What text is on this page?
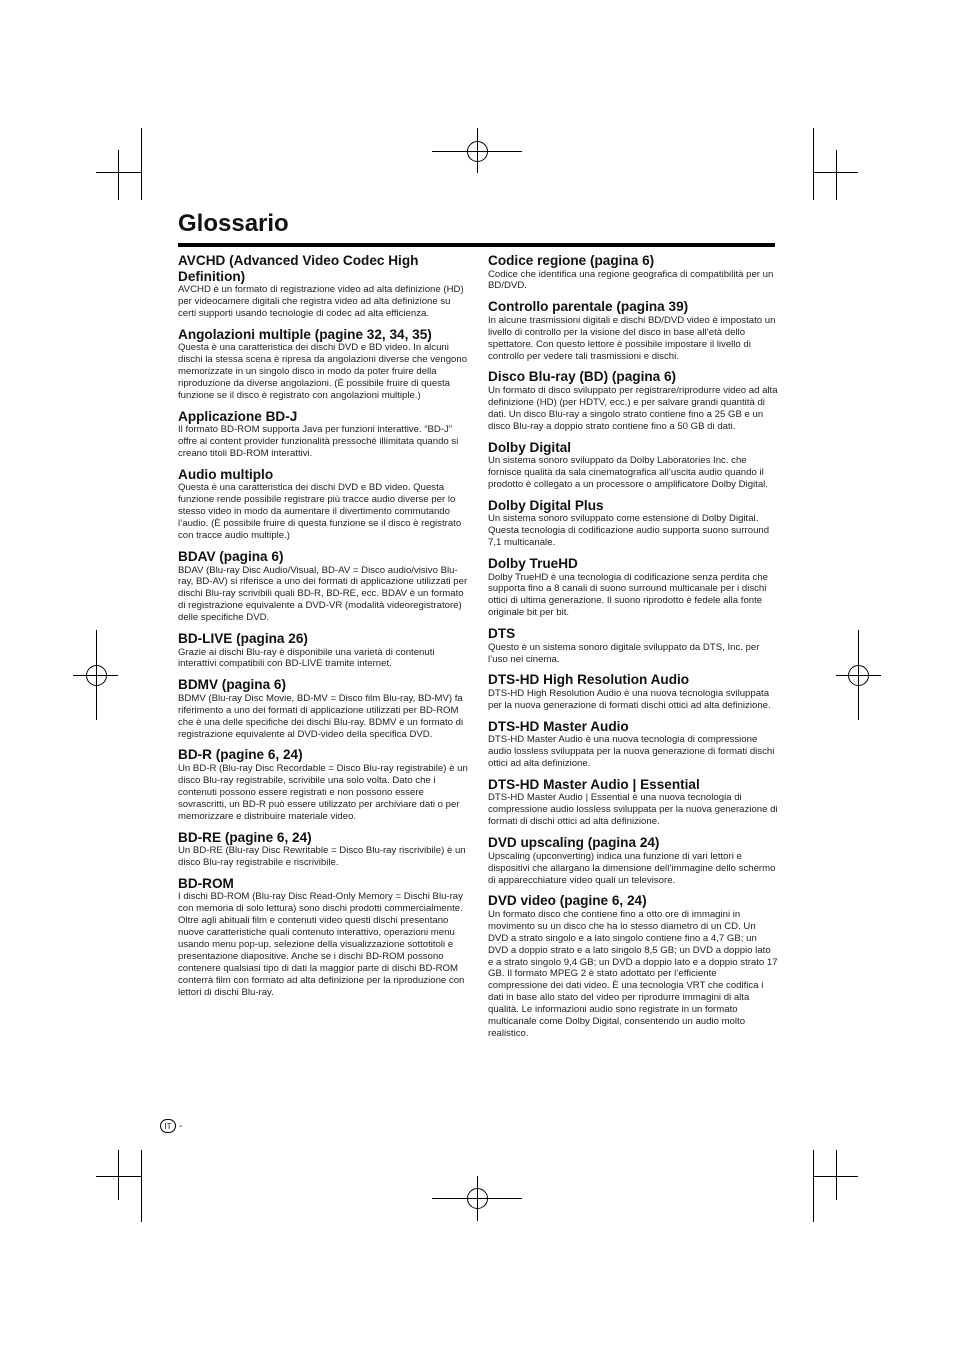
Glossario
AVCHD (Advanced Video Codec High Definition)

AVCHD è un formato di registrazione video ad alta definizione (HD) per videocamere digitali che registra video ad alta definizione su certi supporti usando tecnologie di codec ad alta efficienza.

Angolazioni multiple (pagine 32, 34, 35)

Questa è una caratteristica dei dischi DVD e BD video. In alcuni dischi la stessa scena è ripresa da angolazioni diverse che vengono memorizzate in un singolo disco in modo da poter fruire della riproduzione da diverse angolazioni. (È possibile fruire di questa funzione se il disco è registrato con angolazioni multiple.)

Applicazione BD-J

Il formato BD-ROM supporta Java per funzioni interattive. “BD-J” offre ai content provider funzionalità pressoché illimitata quando si creano titoli BD-ROM interattivi.

Audio multiplo

Questa è una caratteristica dei dischi DVD e BD video. Questa funzione rende possibile registrare più tracce audio diverse per lo stesso video in modo da aumentare il divertimento commutando l’audio. (È possibile fruire di questa funzione se il disco è registrato con tracce audio multiple.)

BDAV (pagina 6)

BDAV (Blu-ray Disc Audio/Visual, BD-AV = Disco audio/visivo Blu-ray, BD-AV) si riferisce a uno dei formati di applicazione utilizzati per dischi Blu-ray scrivibili quali BD-R, BD-RE, ecc. BDAV è un formato di registrazione equivalente a DVD-VR (modalità videoregistratore) delle specifiche DVD.

BD-LIVE (pagina 26)

Grazie ai dischi Blu-ray è disponibile una varietà di contenuti interattivi compatibili con BD-LIVE tramite internet.

BDMV (pagina 6)

BDMV (Blu-ray Disc Movie, BD-MV = Disco film Blu-ray, BD-MV) fa riferimento a uno dei formati di applicazione utilizzati per BD-ROM che è una delle specifiche dei dischi Blu-ray. BDMV è un formato di registrazione equivalente al DVD-video della specifica DVD.

BD-R (pagine 6, 24)

Un BD-R (Blu-ray Disc Recordable = Disco Blu-ray registrabile) è un disco Blu-ray registrabile, scrivibile una solo volta. Dato che i contenuti possono essere registrati e non possono essere sovrascritti, un BD-R può essere utilizzato per archiviare dati o per memorizzare e distribuire materiale video.

BD-RE (pagine 6, 24)

Un BD-RE (Blu-ray Disc Rewritable = Disco Blu-ray riscrivibile) è un disco Blu-ray registrabile e riscrivibile.

BD-ROM

I dischi BD-ROM (Blu-ray Disc Read-Only Memory = Dischi Blu-ray con memoria di solo lettura) sono dischi prodotti commercialmente. Oltre agli abituali film e contenuti video questi dischi presentano nuove caratteristiche quali contenuto interattivo, operazioni menu usando menu pop-up, selezione della visualizzazione sottotitoli e presentazione diapositive. Anche se i dischi BD-ROM possono contenere qualsiasi tipo di dati la maggior parte di dischi BD-ROM conterrà film con formato ad alta definizione per la riproduzione con lettori di dischi Blu-ray.

Codice regione (pagina 6)

Codice che identifica una regione geografica di compatibilità per un BD/DVD.

Controllo parentale (pagina 39)

In alcune trasmissioni digitali e dischi BD/DVD video è impostato un livello di controllo per la visione del disco in base all’età dello spettatore. Con questo lettore è possibile impostare il livello di controllo per vedere tali trasmissioni e dischi.

Disco Blu-ray (BD) (pagina 6)

Un formato di disco sviluppato per registrare/riprodurre video ad alta definizione (HD) (per HDTV, ecc.) e per salvare grandi quantità di dati. Un disco Blu-ray a singolo strato contiene fino a 25 GB e un disco Blu-ray a doppio strato contiene fino a 50 GB di dati.

Dolby Digital

Un sistema sonoro sviluppato da Dolby Laboratories Inc. che fornisce qualità da sala cinematografica all’uscita audio quando il prodotto è collegato a un processore o amplificatore Dolby Digital.

Dolby Digital Plus

Un sistema sonoro sviluppato come estensione di Dolby Digital. Questa tecnologia di codificazione audio supporta suono surround 7,1 multicanale.

Dolby TrueHD

Dolby TrueHD è una tecnologia di codificazione senza perdita che supporta fino a 8 canali di suono surround multicanale per i dischi ottici di ultima generazione. Il suono riprodotto è fedele alla fonte originale bit per bit.

DTS

Questo è un sistema sonoro digitale sviluppato da DTS, Inc. per l’uso nei cinema.

DTS-HD High Resolution Audio

DTS-HD High Resolution Audio è una nuova tecnologia sviluppata per la nuova generazione di formati dischi ottici ad alta definizione.

DTS-HD Master Audio

DTS-HD Master Audio è una nuova tecnologia di compressione audio lossless sviluppata per la nuova generazione di formati dischi ottici ad alta definizione.

DTS-HD Master Audio | Essential

DTS-HD Master Audio | Essential è una nuova tecnologia di compressione audio lossless sviluppata per la nuova generazione di formati di dischi ottici ad alta definizione.

DVD upscaling (pagina 24)

Upscaling (upconverting) indica una funzione di vari lettori e dispositivi che allargano la dimensione dell’immagine dello schermo di apparecchiature video quali un televisore.

DVD video (pagine 6, 24)

Un formato disco che contiene fino a otto ore di immagini in movimento su un disco che ha lo stesso diametro di un CD. Un DVD a strato singolo e a lato singolo contiene fino a 4,7 GB; un DVD a doppio strato e a lato singolo 8,5 GB; un DVD a doppio lato e a strato singolo 9,4 GB; un DVD a doppio lato e a doppio strato 17 GB. Il formato MPEG 2 è stato adottato per l’efficiente compressione dei dati video. È una tecnologia VRT che codifica i dati in base allo stato del video per riprodurre immagini di alta qualità. Le informazioni audio sono registrate in un formato multicanale come Dolby Digital, consentendo un audio molto realistico.

IT -
